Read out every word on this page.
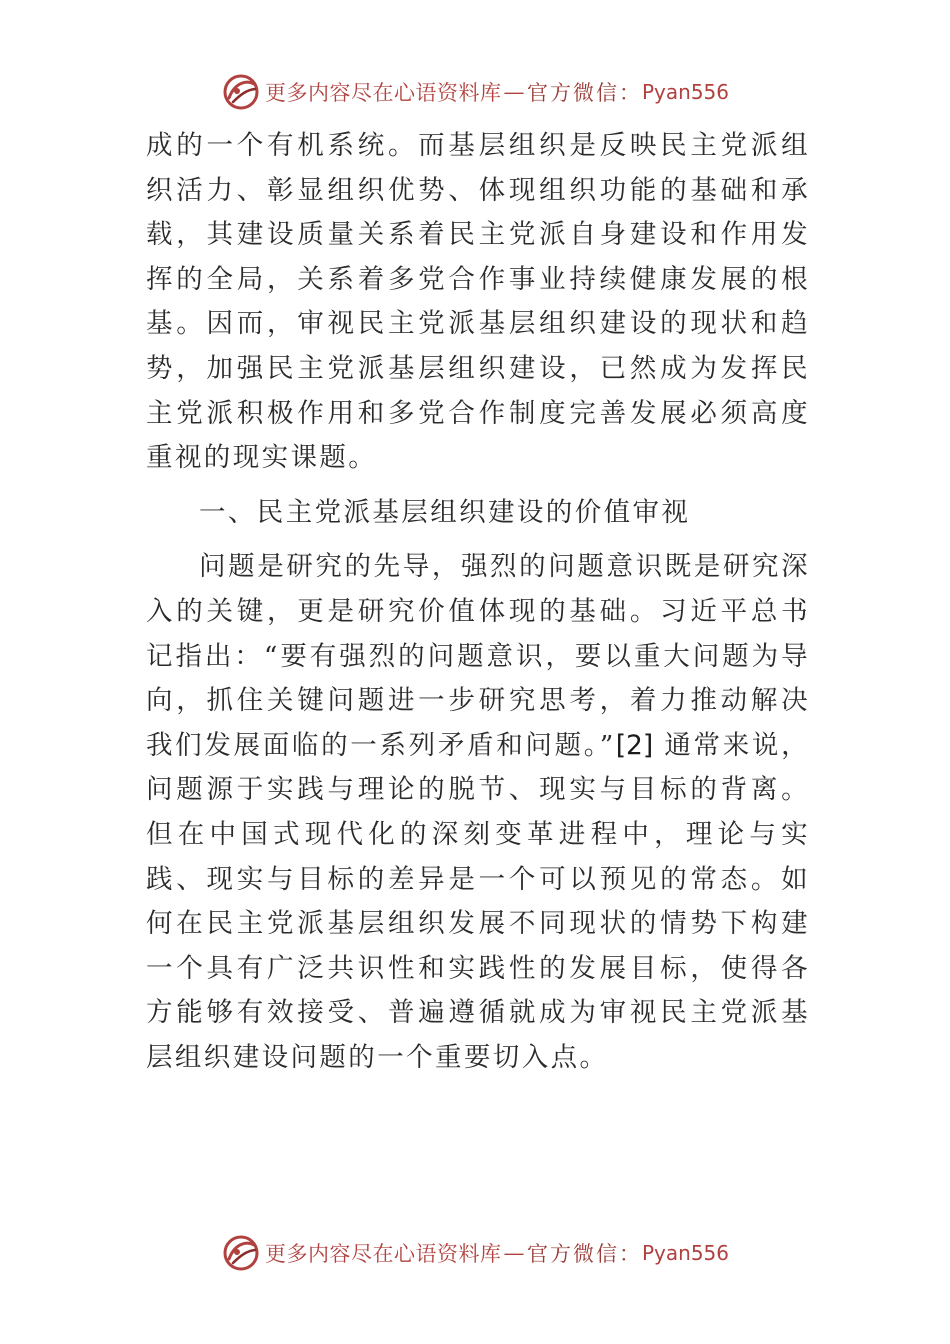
更多内容尽在心语资料库 — 官方微信： Pyan556

成的一个有机系统。而基层组织是反映民主党派组织活力、彰显组织优势、体现组织功能的基础和承载，其建设质量关系着民主党派自身建设和作用发挥的全局，关系着多党合作事业持续健康发展的根基。因而，审视民主党派基层组织建设的现状和趋势，加强民主党派基层组织建设，已然成为发挥民主党派积极作用和多党合作制度完善发展必须高度重视的现实课题。

一、民主党派基层组织建设的价值审视

问题是研究的先导，强烈的问题意识既是研究深入的关键，更是研究价值体现的基础。习近平总书记指出：“要有强烈的问题意识，要以重大问题为导向，抓住关键问题进一步研究思考，着力推动解决我们发展面临的一系列矛盾和问题。”[2] 通常来说，问题源于实践与理论的脱节、现实与目标的背离。但在中国式现代化的深刻变革进程中，理论与实践、现实与目标的差异是一个可以预见的常态。如何在民主党派基层组织发展不同现状的情势下构建一个具有广泛共识性和实践性的发展目标，使得各方能够有效接受、普遍遵循就成为审视民主党派基层组织建设问题的一个重要切入点。

更多内容尽在心语资料库 — 官方微信： Pyan556
